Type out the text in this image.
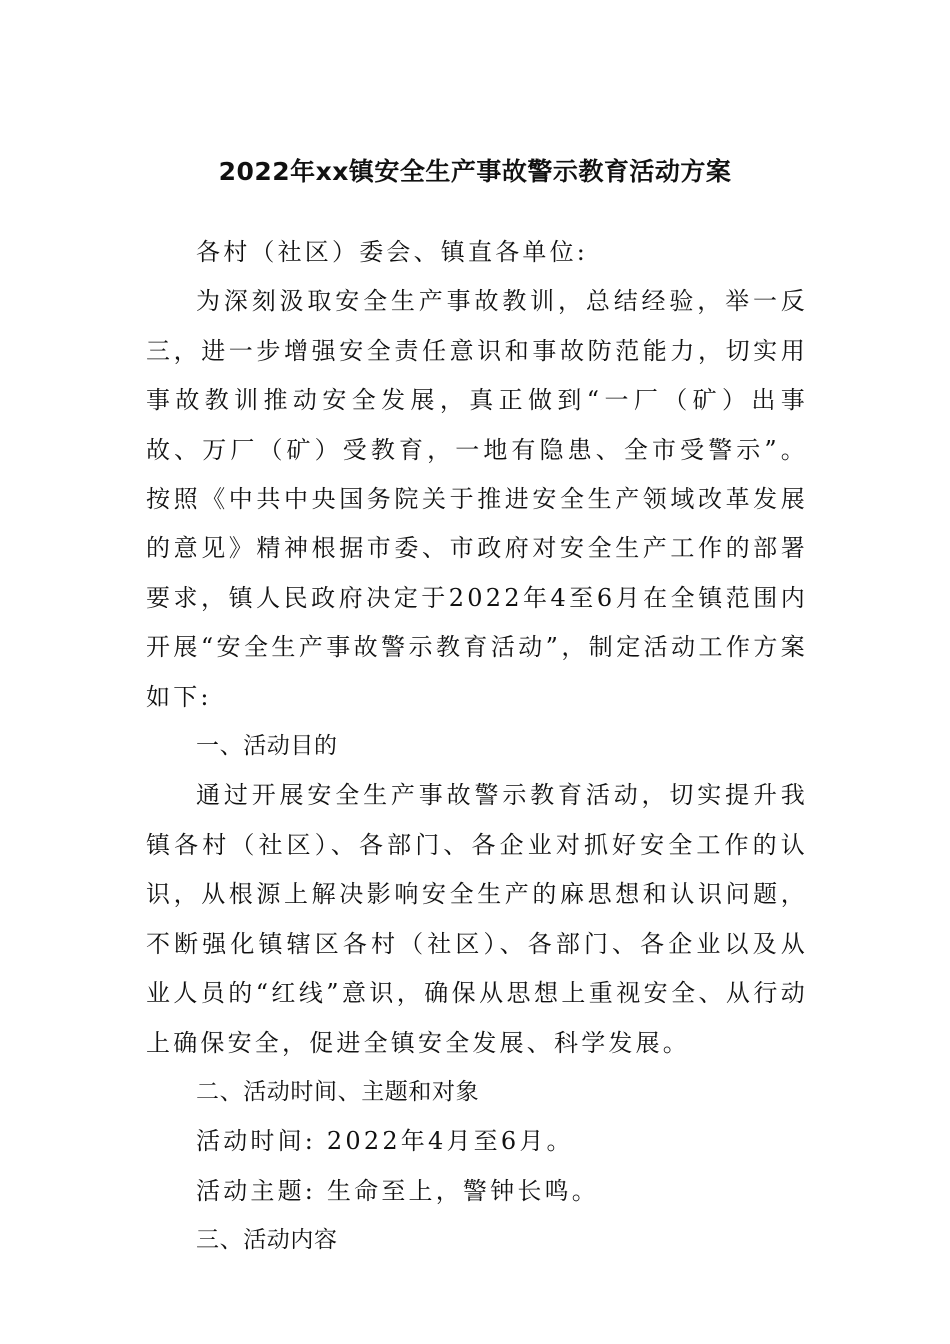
2022年xx镇安全生产事故警示教育活动方案

各村（社区）委会、镇直各单位:

为深刻汲取安全生产事故教训，总结经验，举一反三，进一步增强安全责任意识和事故防范能力，切实用事故教训推动安全发展，真正做到“一厂（矿）出事故、万厂（矿）受教育，一地有隐患、全市受警示”。按照《中共中央国务院关于推进安全生产领域改革发展的意见》精神根据市委、市政府对安全生产工作的部署要求，镇人民政府决定于2022年4至6月在全镇范围内开展“安全生产事故警示教育活动”，制定活动工作方案如下:

一、活动目的

通过开展安全生产事故警示教育活动，切实提升我镇各村（社区）、各部门、各企业对抓好安全工作的认识，从根源上解决影响安全生产的麻思想和认识问题，不断强化镇辖区各村（社区）、各部门、各企业以及从业人员的“红线”意识，确保从思想上重视安全、从行动上确保安全，促进全镇安全发展、科学发展。

二、活动时间、主题和对象

活动时间: 2022年4月至6月。

活动主题: 生命至上，警钟长鸣。

三、活动内容
